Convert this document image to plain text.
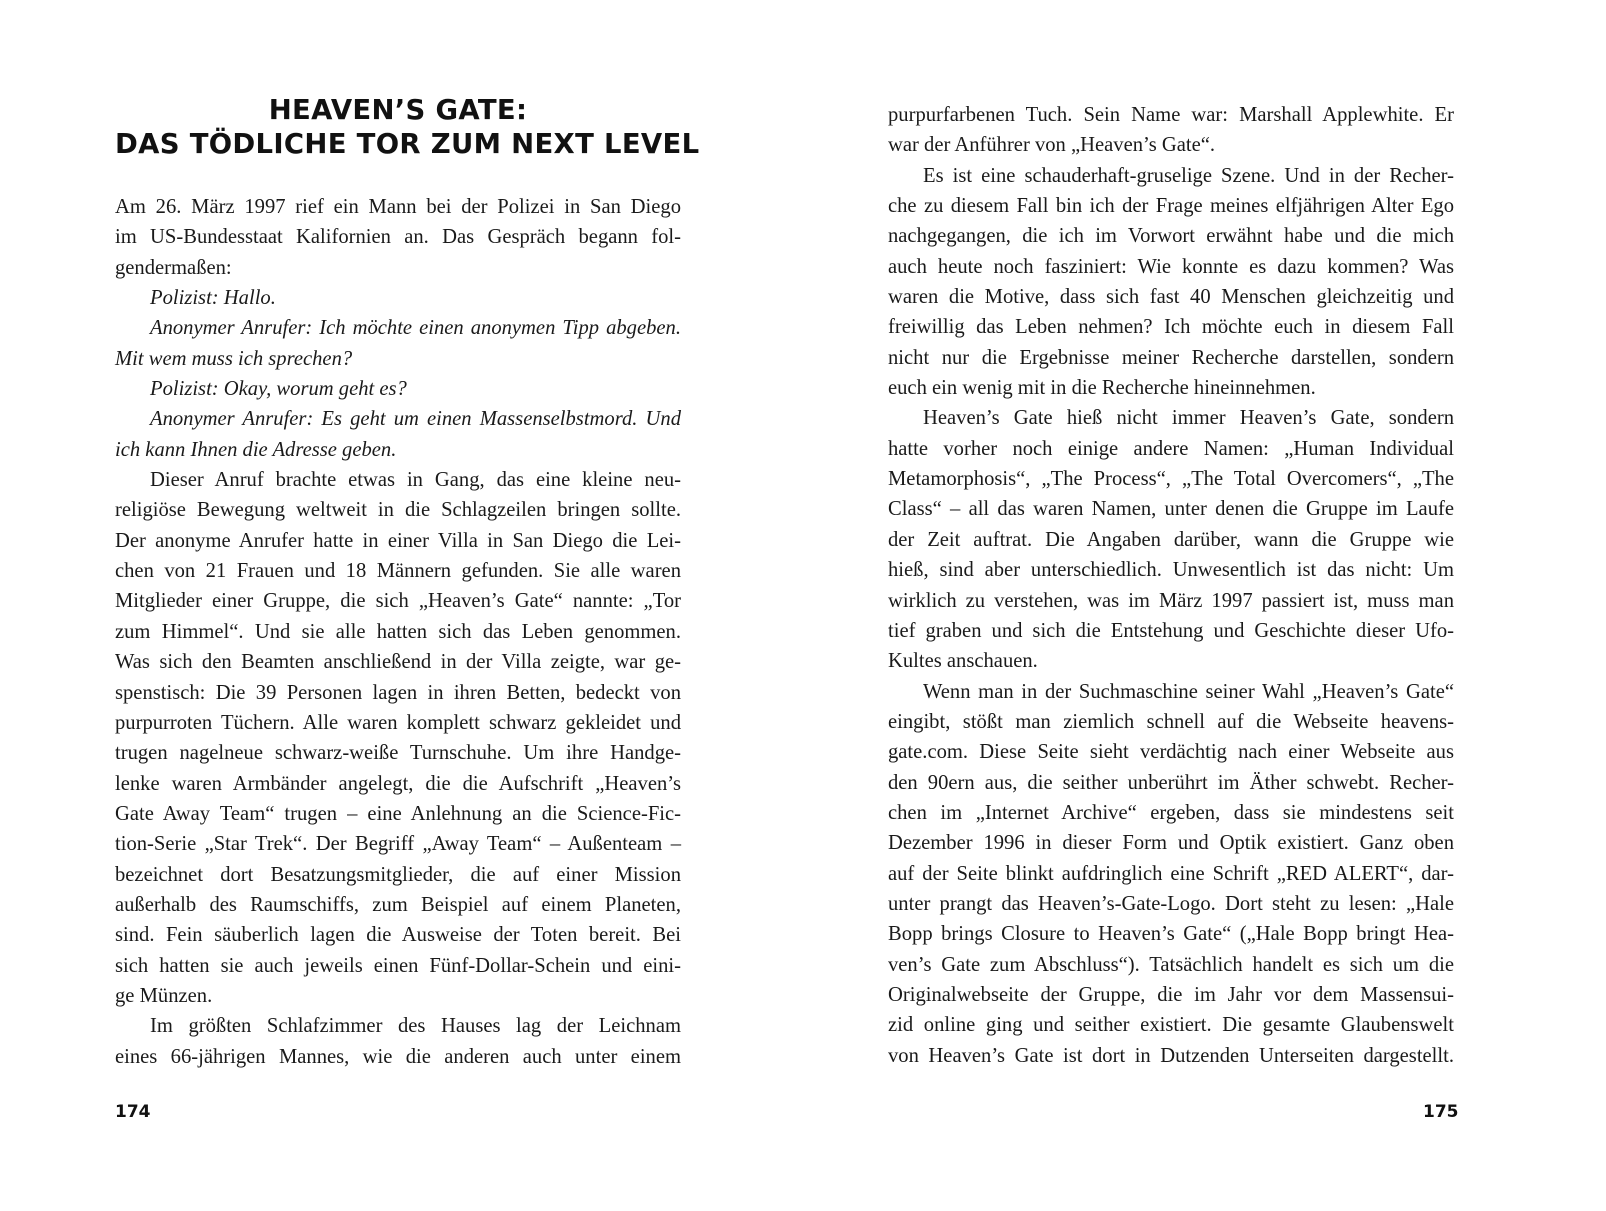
HEAVEN’S GATE:
DAS TÖDLICHE TOR ZUM NEXT LEVEL
Am 26. März 1997 rief ein Mann bei der Polizei in San Diego
im US-Bundesstaat Kalifornien an. Das Gespräch begann fol-
gendermaßen:
Polizist: Hallo.
Anonymer Anrufer: Ich möchte einen anonymen Tipp abgeben.
Mit wem muss ich sprechen?
Polizist: Okay, worum geht es?
Anonymer Anrufer: Es geht um einen Massenselbstmord. Und
ich kann Ihnen die Adresse geben.
Dieser Anruf brachte etwas in Gang, das eine kleine neu-
religiöse Bewegung weltweit in die Schlagzeilen bringen sollte.
Der anonyme Anrufer hatte in einer Villa in San Diego die Lei-
chen von 21 Frauen und 18 Männern gefunden. Sie alle waren
Mitglieder einer Gruppe, die sich „Heaven’s Gate“ nannte: „Tor
zum Himmel“. Und sie alle hatten sich das Leben genommen.
Was sich den Beamten anschließend in der Villa zeigte, war ge-
spenstisch: Die 39 Personen lagen in ihren Betten, bedeckt von
purpurroten Tüchern. Alle waren komplett schwarz gekleidet und
trugen nagelneue schwarz-weiße Turnschuhe. Um ihre Handge-
lenke waren Armbänder angelegt, die die Aufschrift „Heaven’s
Gate Away Team“ trugen – eine Anlehnung an die Science-Fic-
tion-Serie „Star Trek“. Der Begriff „Away Team“ – Außenteam –
bezeichnet dort Besatzungsmitglieder, die auf einer Mission
außerhalb des Raumschiffs, zum Beispiel auf einem Planeten,
sind. Fein säuberlich lagen die Ausweise der Toten bereit. Bei
sich hatten sie auch jeweils einen Fünf-Dollar-Schein und eini-
ge Münzen.
Im größten Schlafzimmer des Hauses lag der Leichnam
eines 66-jährigen Mannes, wie die anderen auch unter einem
174
purpurfarbenen Tuch. Sein Name war: Marshall Applewhite. Er
war der Anführer von „Heaven’s Gate“.
Es ist eine schauderhaft-gruselige Szene. Und in der Recher-
che zu diesem Fall bin ich der Frage meines elfjährigen Alter Ego
nachgegangen, die ich im Vorwort erwähnt habe und die mich
auch heute noch fasziniert: Wie konnte es dazu kommen? Was
waren die Motive, dass sich fast 40 Menschen gleichzeitig und
freiwillig das Leben nehmen? Ich möchte euch in diesem Fall
nicht nur die Ergebnisse meiner Recherche darstellen, sondern
euch ein wenig mit in die Recherche hineinnehmen.
Heaven’s Gate hieß nicht immer Heaven’s Gate, sondern
hatte vorher noch einige andere Namen: „Human Individual
Metamorphosis“, „The Process“, „The Total Overcomers“, „The
Class“ – all das waren Namen, unter denen die Gruppe im Laufe
der Zeit auftrat. Die Angaben darüber, wann die Gruppe wie
hieß, sind aber unterschiedlich. Unwesentlich ist das nicht: Um
wirklich zu verstehen, was im März 1997 passiert ist, muss man
tief graben und sich die Entstehung und Geschichte dieser Ufo-
Kultes anschauen.
Wenn man in der Suchmaschine seiner Wahl „Heaven’s Gate“
eingibt, stößt man ziemlich schnell auf die Webseite heavens-
gate.com. Diese Seite sieht verdächtig nach einer Webseite aus
den 90ern aus, die seither unberührt im Äther schwebt. Recher-
chen im „Internet Archive“ ergeben, dass sie mindestens seit
Dezember 1996 in dieser Form und Optik existiert. Ganz oben
auf der Seite blinkt aufdringlich eine Schrift „RED ALERT“, dar-
unter prangt das Heaven’s-Gate-Logo. Dort steht zu lesen: „Hale
Bopp brings Closure to Heaven’s Gate“ („Hale Bopp bringt Hea-
ven’s Gate zum Abschluss“). Tatsächlich handelt es sich um die
Originalwebseite der Gruppe, die im Jahr vor dem Massensui-
zid online ging und seither existiert. Die gesamte Glaubenswelt
von Heaven’s Gate ist dort in Dutzenden Unterseiten dargestellt.
175
